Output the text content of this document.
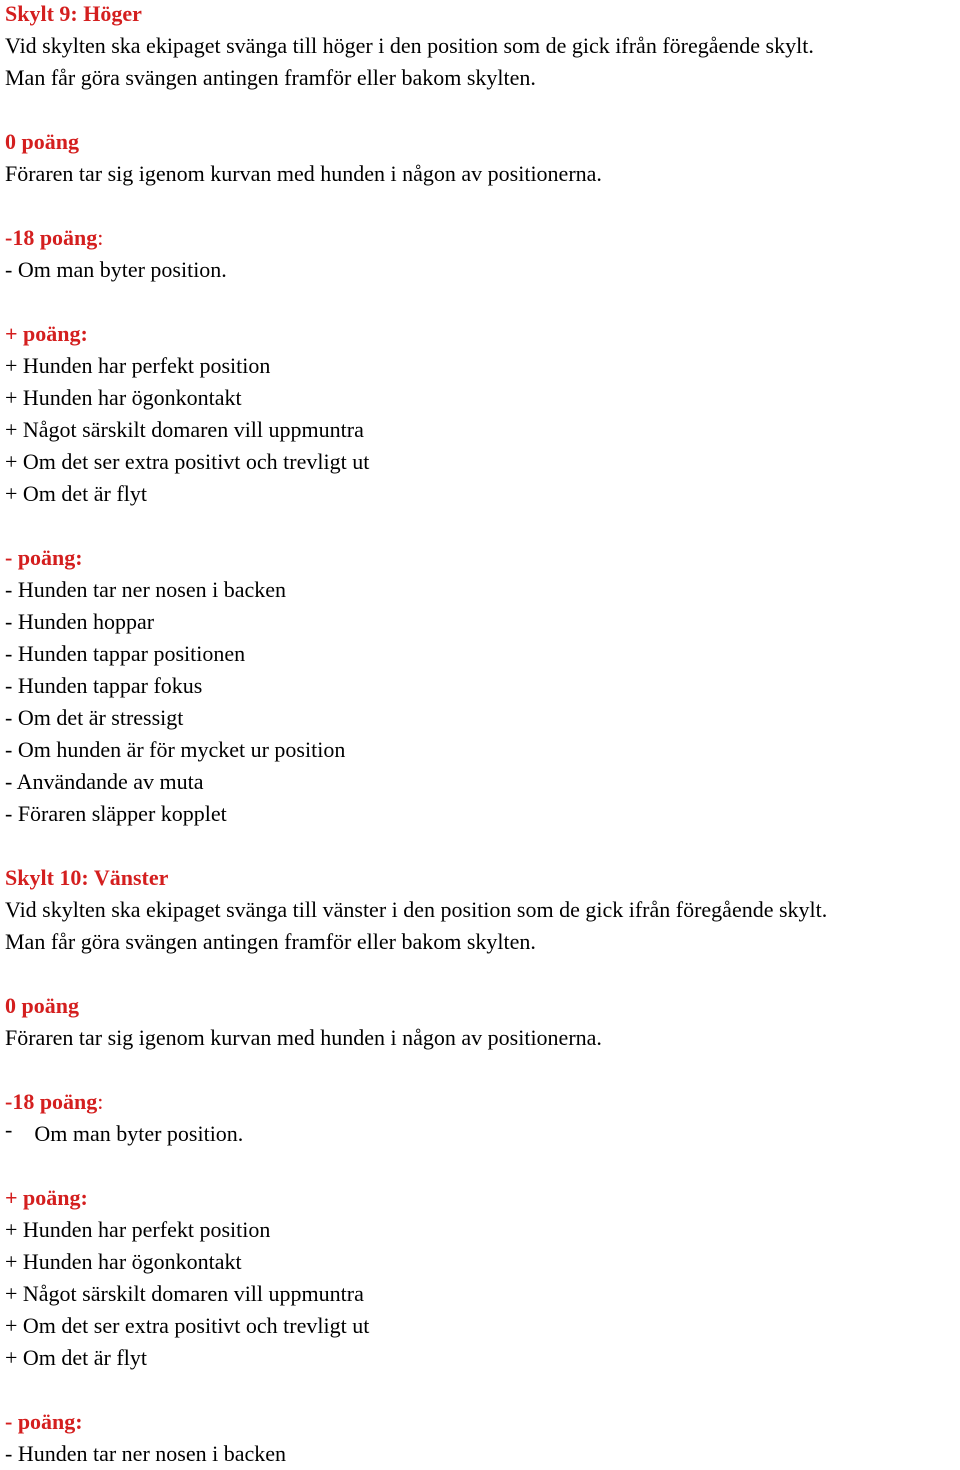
Skylt 9: Höger
Vid skylten ska ekipaget svänga till höger i den position som de gick ifrån föregående skylt.
Man får göra svängen antingen framför eller bakom skylten.
0 poäng
Föraren tar sig igenom kurvan med hunden i någon av positionerna.
-18 poäng:
- Om man byter position.
+ poäng:
+ Hunden har perfekt position
+ Hunden har ögonkontakt
+ Något särskilt domaren vill uppmuntra
+ Om det ser extra positivt och trevligt ut
+ Om det är flyt
- poäng:
- Hunden tar ner nosen i backen
- Hunden hoppar
- Hunden tappar positionen
- Hunden tappar fokus
- Om det är stressigt
- Om hunden är för mycket ur position
- Användande av muta
- Föraren släpper kopplet
Skylt 10: Vänster
Vid skylten ska ekipaget svänga till vänster i den position som de gick ifrån föregående skylt.
Man får göra svängen antingen framför eller bakom skylten.
0 poäng
Föraren tar sig igenom kurvan med hunden i någon av positionerna.
-18 poäng:
- Om man byter position.
+ poäng:
+ Hunden har perfekt position
+ Hunden har ögonkontakt
+ Något särskilt domaren vill uppmuntra
+ Om det ser extra positivt och trevligt ut
+ Om det är flyt
- poäng:
- Hunden tar ner nosen i backen
